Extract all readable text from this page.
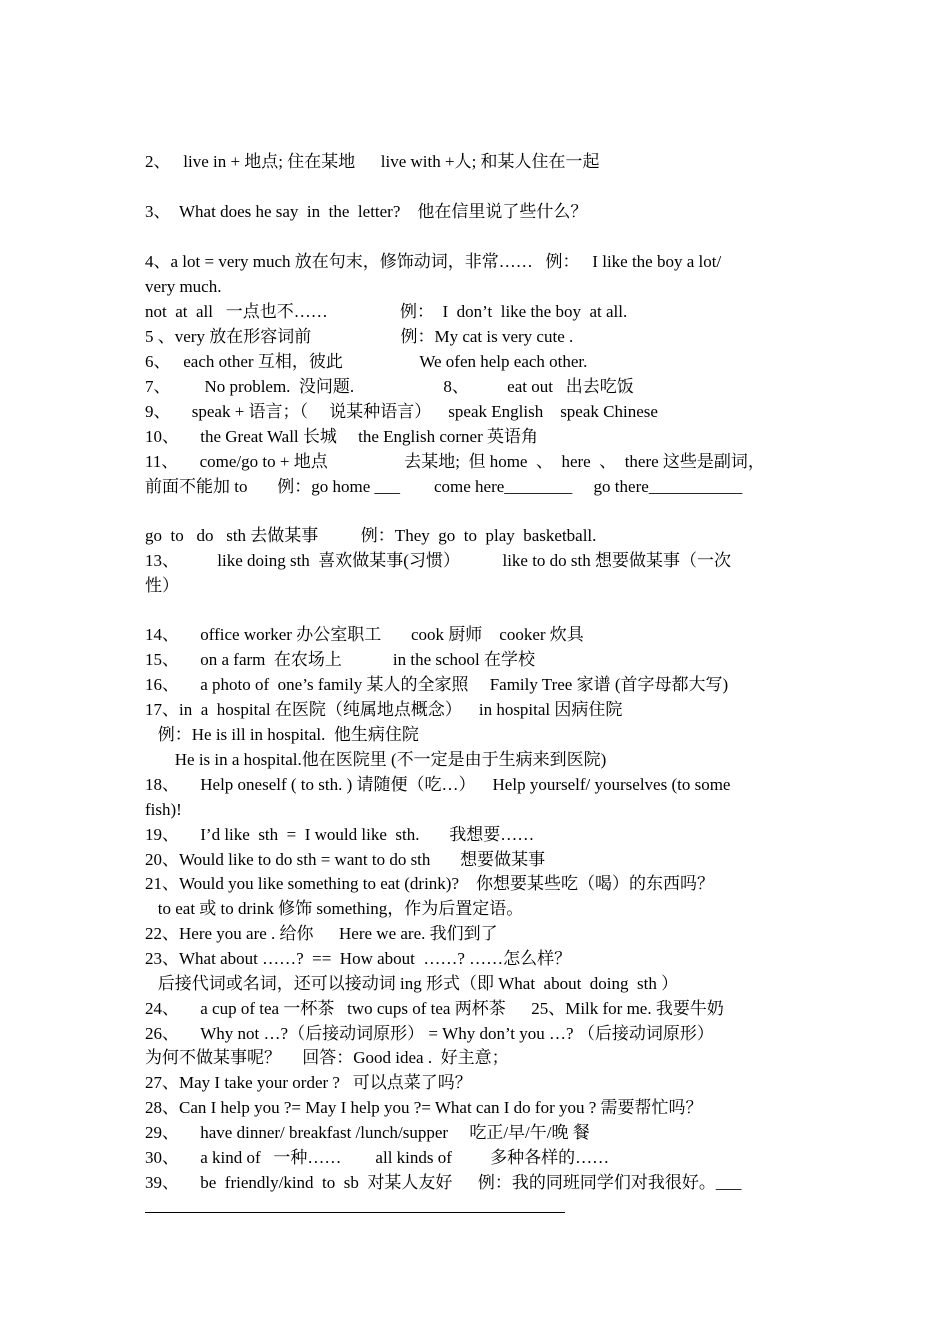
2、   live in + 地点; 住在某地      live with +人; 和某人住在一起
3、  What does he say  in  the  letter?    他在信里说了些什么？
4、a lot = very much 放在句末，修饰动词，非常……   例：   I like the boy a lot/
very much.
not  at  all   一点也不……                 例：  I  don’t  like the boy  at all.
5 、very 放在形容词前                     例：My cat is very cute .
6、   each other 互相，彼此                  We ofen help each other.
7、        No problem.  没问题.                     8、         eat out   出去吃饭
9、     speak + 语言；（     说某种语言）    speak English    speak Chinese
10、     the Great Wall 长城     the English corner 英语角
11、     come/go to + 地点                  去某地;  但 home  、  here  、  there 这些是副词，
前面不能加 to       例：go home ___        come here________     go there___________
go  to   do   sth 去做某事          例：They  go  to  play  basketball.
13、         like doing sth  喜欢做某事(习惯）          like to do sth 想要做某事（一次
性）
14、     office worker 办公室职工       cook 厨师    cooker 炊具
15、     on a farm  在农场上            in the school 在学校
16、     a photo of  one’s family 某人的全家照     Family Tree 家谱 (首字母都大写)
17、in  a  hospital 在医院（纯属地点概念）    in hospital 因病住院
例：He is ill in hospital.  他生病住院
He is in a hospital.他在医院里 (不一定是由于生病来到医院)
18、     Help oneself ( to sth. ) 请随便（吃…）    Help yourself/ yourselves (to some
fish)!
19、     I’d like  sth  =  I would like  sth.       我想要……
20、Would like to do sth = want to do sth       想要做某事
21、Would you like something to eat (drink)?    你想要某些吃（喝）的东西吗？
to eat 或 to drink 修饰 something，作为后置定语。
22、Here you are . 给你      Here we are. 我们到了
23、What about ……?  ==  How about  ……? ……怎么样？
后接代词或名词，还可以接动词 ing 形式（即 What  about  doing  sth ）
24、     a cup of tea 一杯茶   two cups of tea 两杯茶      25、Milk for me. 我要牛奶
26、     Why not …?（后接动词原形） = Why don’t you …? （后接动词原形）
为何不做某事呢？     回答：Good idea .  好主意；
27、May I take your order ?   可以点菜了吗？
28、Can I help you ?= May I help you ?= What can I do for you ? 需要帮忙吗？
29、     have dinner/ breakfast /lunch/supper     吃正/早/午/晚 餐
30、     a kind of   一种……        all kinds of         多种各样的……
39、     be  friendly/kind  to  sb  对某人友好      例：我的同班同学们对我很好。___
